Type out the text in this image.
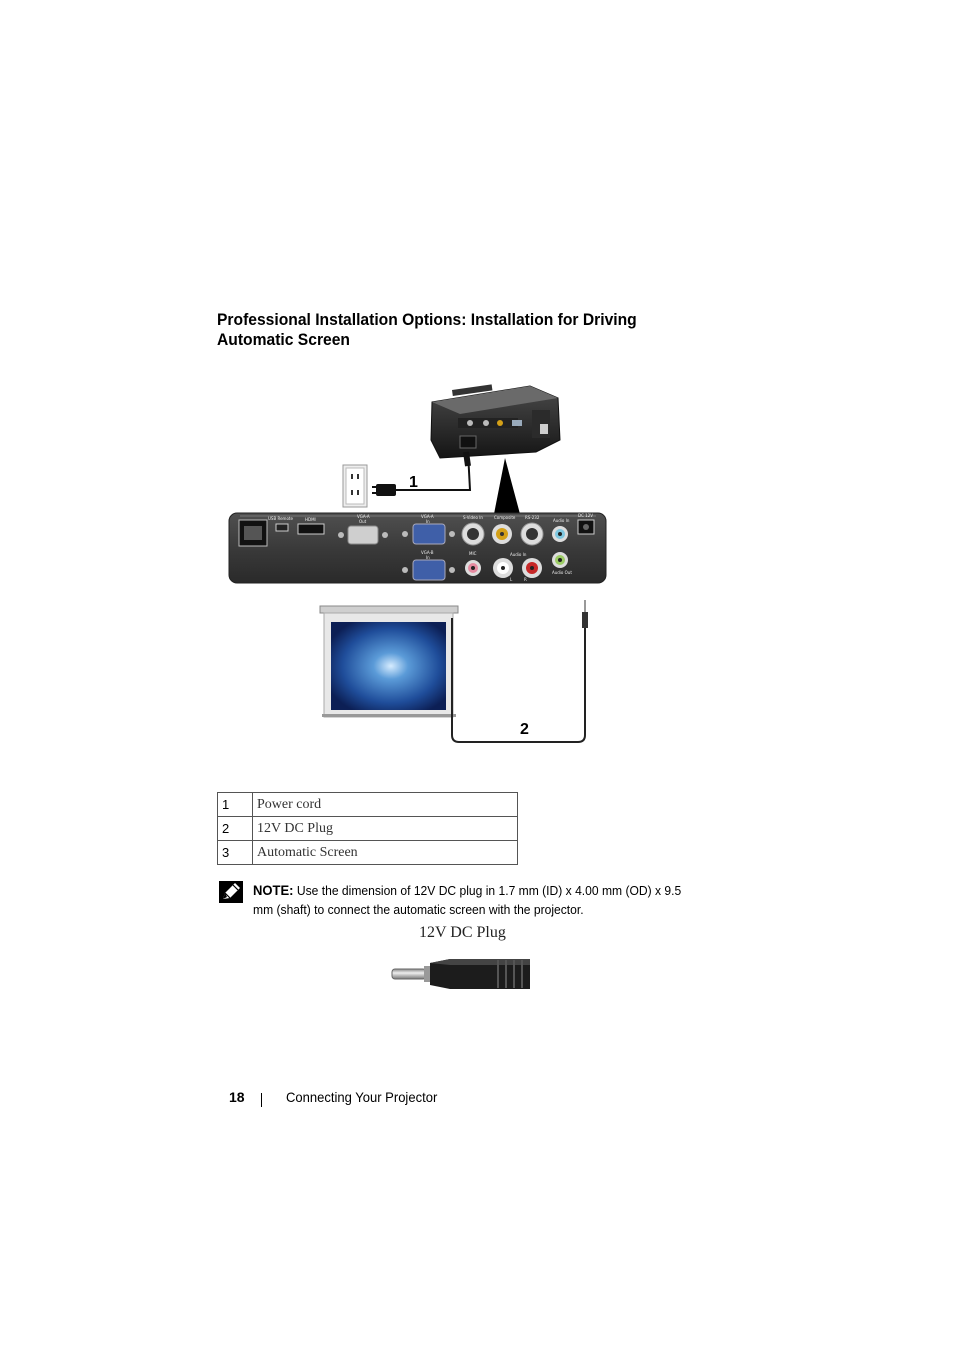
Professional Installation Options: Installation for Driving Automatic Screen
1
USB Remote	HDMI
VGA-A
Out
VGA-A
In
VGA-B
In
S-Video In	Composite RS-232
Audio In
DC 12V
MIC	Audio In
Audio Out
L	R
2
1	Power cord
2	12V DC Plug
3	Automatic Screen
NOTE: Use the dimension of 12V DC plug in 1.7 mm (ID) x 4.00 mm (OD) x 9.5 mm (shaft) to connect the automatic screen with the projector.
12V DC Plug
18	Connecting Your Projector
